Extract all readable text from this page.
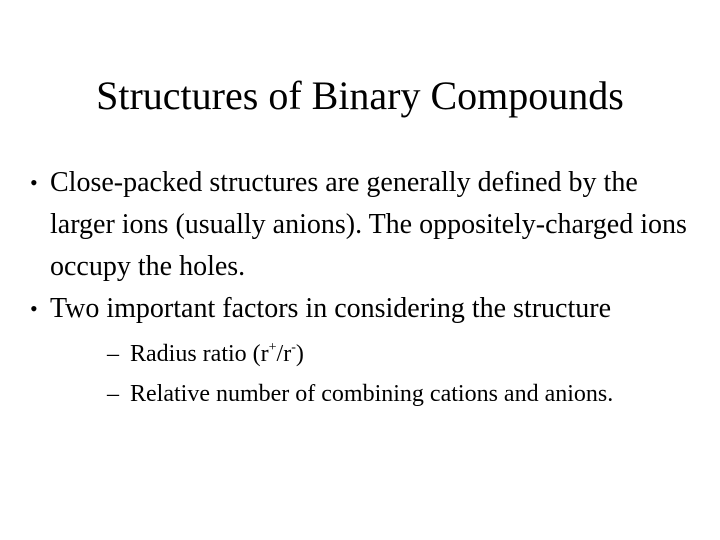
Structures of Binary Compounds
• Close-packed structures are generally defined by the larger ions (usually anions). The oppositely-charged ions occupy the holes.
• Two important factors in considering the structure
– Radius ratio (r+/r-)
– Relative number of combining cations and anions.
